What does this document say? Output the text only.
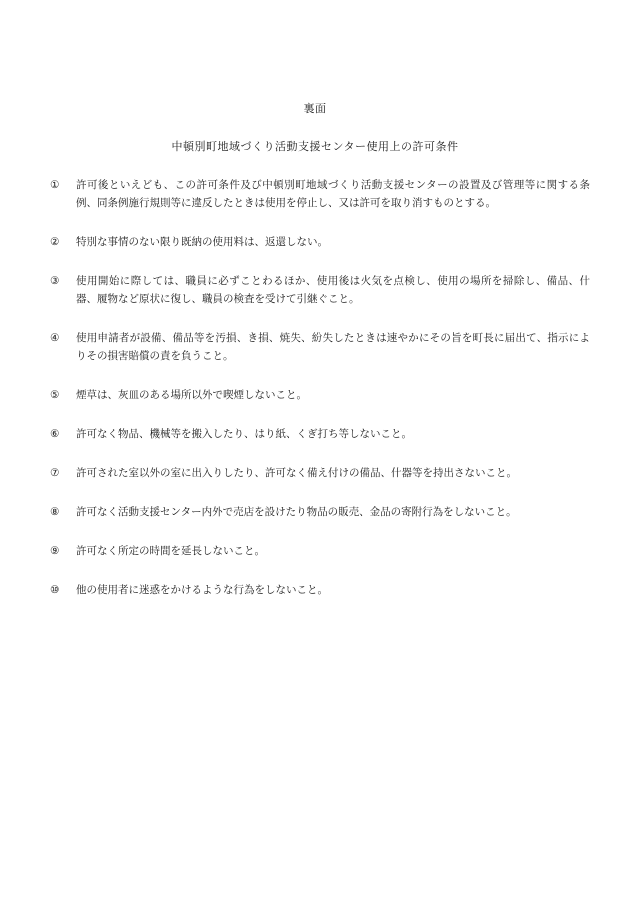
裏面
中頓別町地域づくり活動支援センター使用上の許可条件
①	許可後といえども、この許可条件及び中頓別町地域づくり活動支援センターの設置及び管理等に関する条例、同条例施行規則等に違反したときは使用を停止し、又は許可を取り消すものとする。
②	特別な事情のない限り既納の使用料は、返還しない。
③	使用開始に際しては、職員に必ずことわるほか、使用後は火気を点検し、使用の場所を掃除し、備品、什器、履物など原状に復し、職員の検査を受けて引継ぐこと。
④	使用申請者が設備、備品等を汚損、き損、焼失、紛失したときは速やかにその旨を町長に届出て、指示によりその損害賠償の責を負うこと。
⑤	煙草は、灰皿のある場所以外で喫煙しないこと。
⑥	許可なく物品、機械等を搬入したり、はり紙、くぎ打ち等しないこと。
⑦	許可された室以外の室に出入りしたり、許可なく備え付けの備品、什器等を持出さないこと。
⑧	許可なく活動支援センター内外で売店を設けたり物品の販売、金品の寄附行為をしないこと。
⑨	許可なく所定の時間を延長しないこと。
⑩	他の使用者に迷惑をかけるような行為をしないこと。
